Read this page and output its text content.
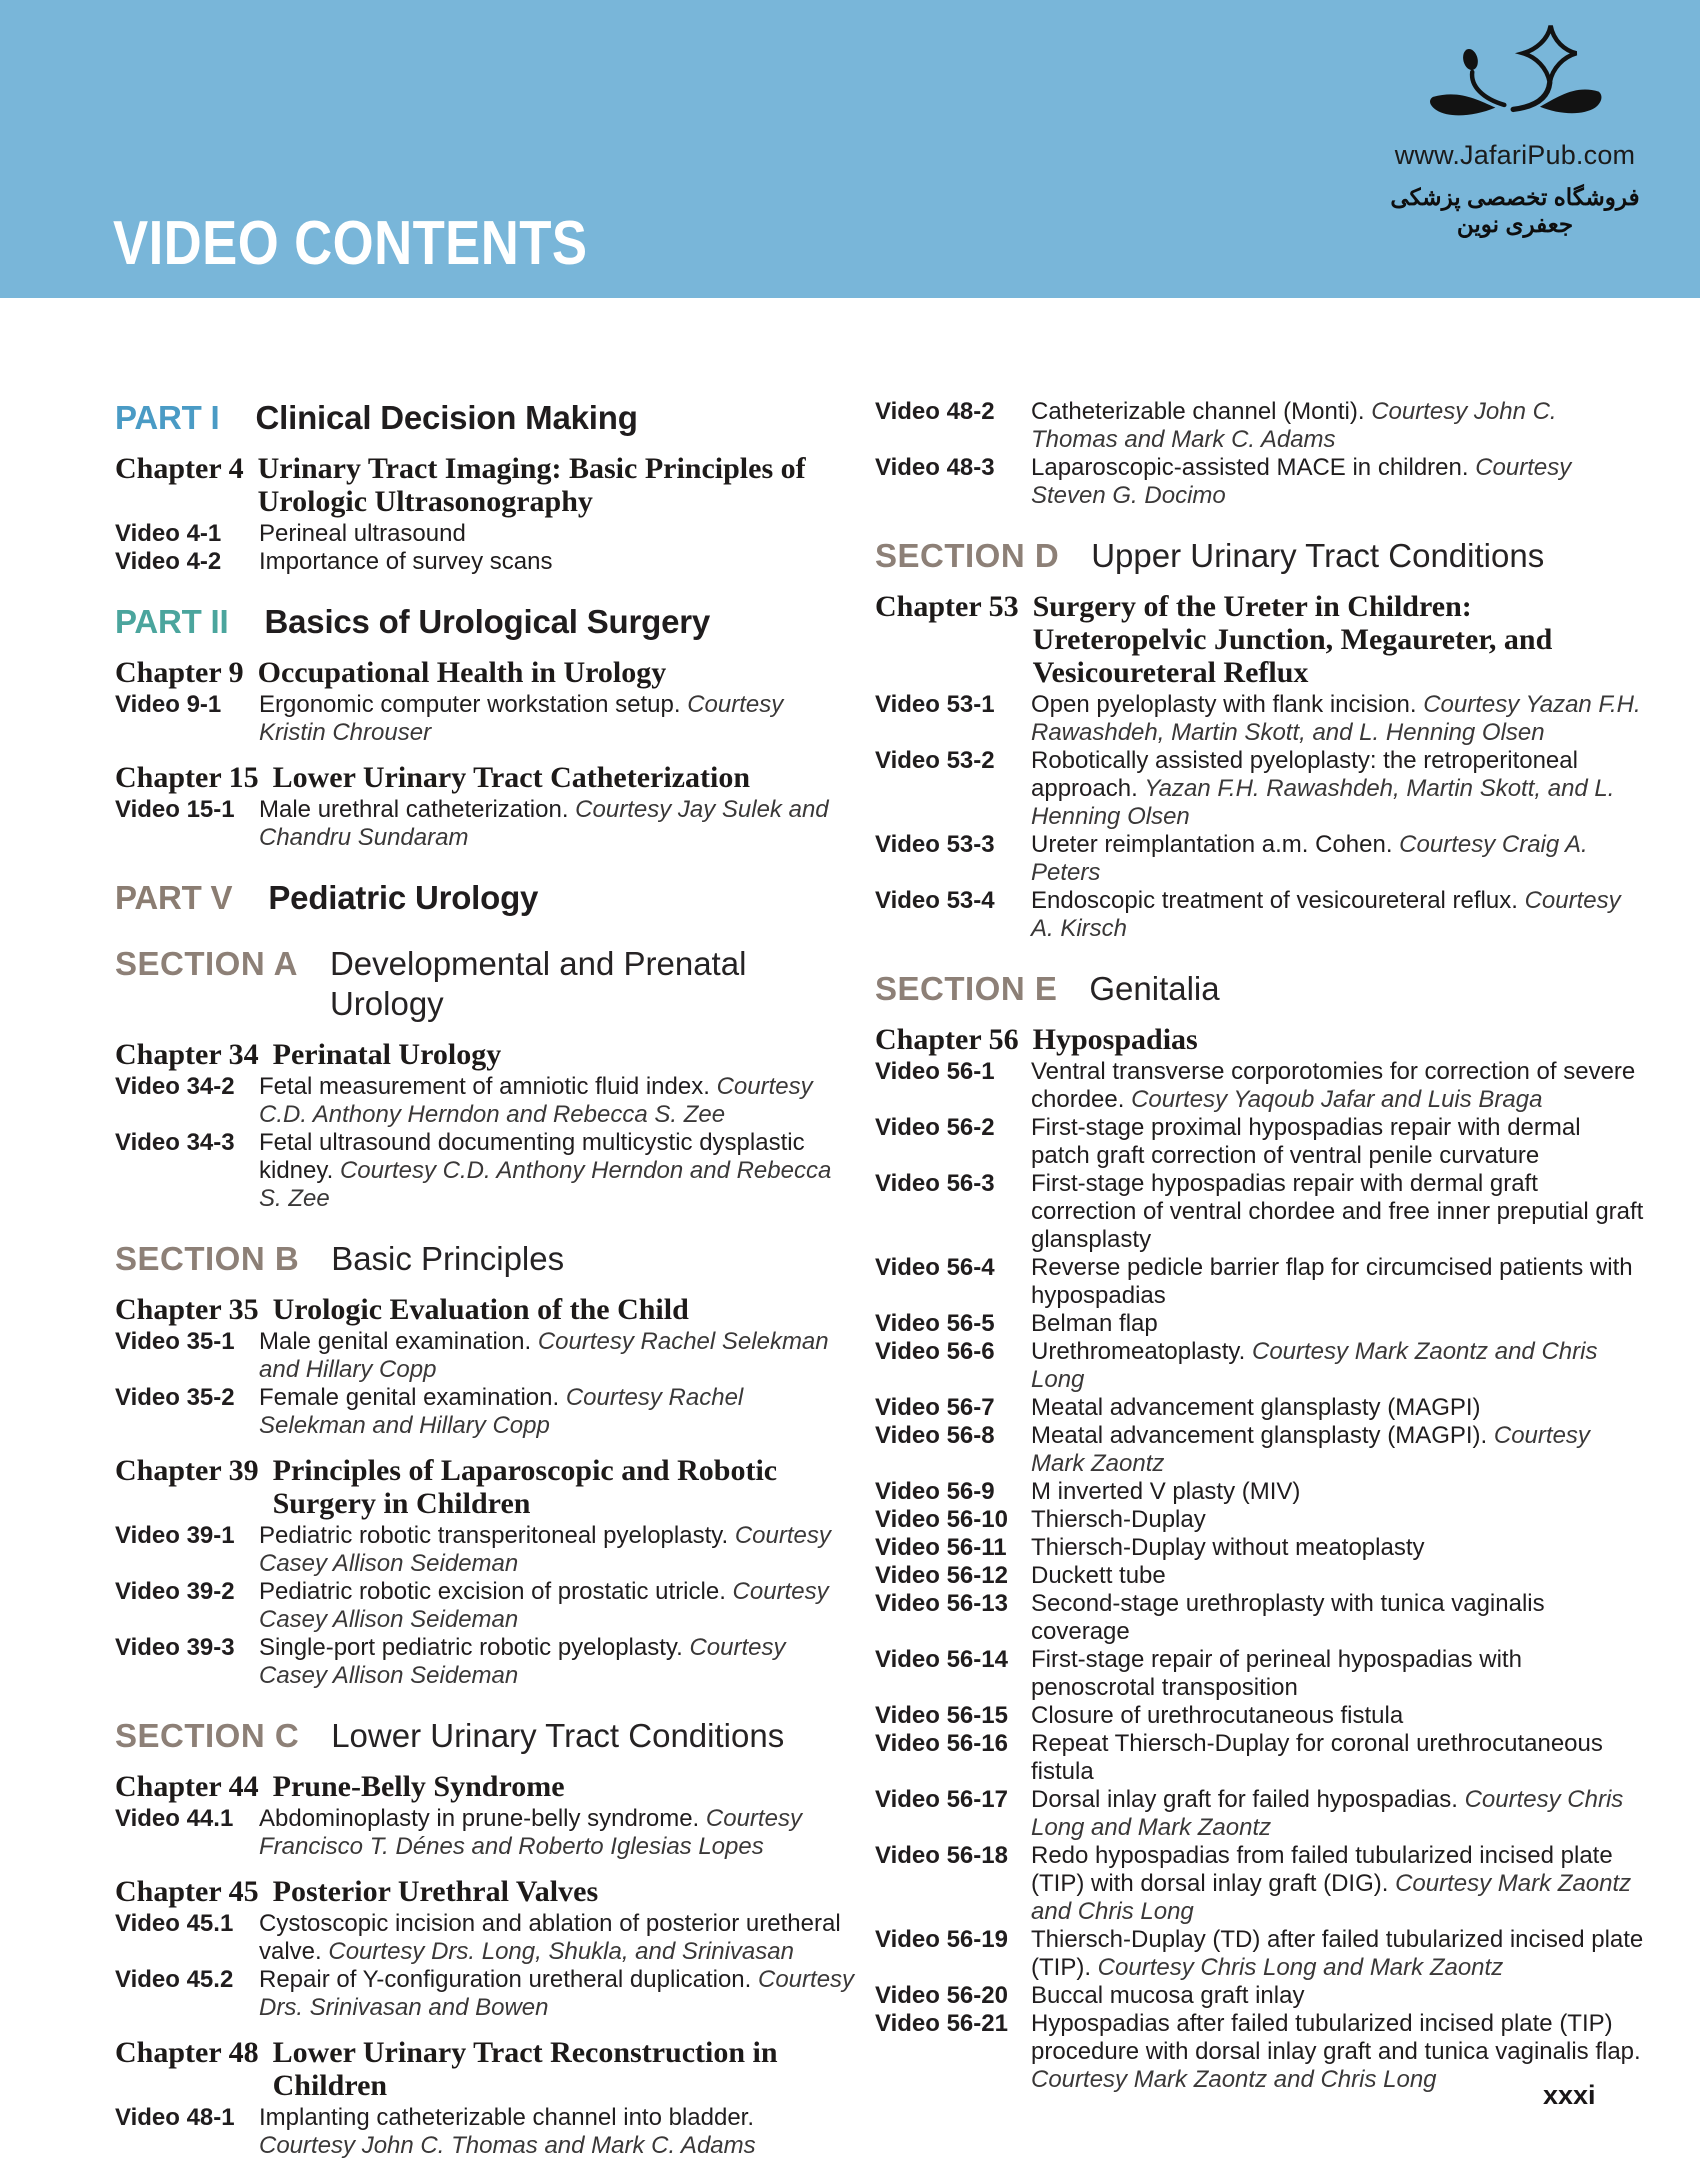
VIDEO CONTENTS
www.JafariPub.com
فروشگاه تخصصی پزشکی جعفری نوین
PART I Clinical Decision Making
Chapter 4 Urinary Tract Imaging: Basic Principles of Urologic Ultrasonography
Video 4-1	Perineal ultrasound
Video 4-2	Importance of survey scans
PART II Basics of Urological Surgery
Chapter 9 Occupational Health in Urology
Video 9-1	Ergonomic computer workstation setup. Courtesy Kristin Chrouser
Chapter 15 Lower Urinary Tract Catheterization
Video 15-1	Male urethral catheterization. Courtesy Jay Sulek and Chandru Sundaram
PART V Pediatric Urology
SECTION A Developmental and Prenatal Urology
Chapter 34 Perinatal Urology
Video 34-2	Fetal measurement of amniotic fluid index. Courtesy C.D. Anthony Herndon and Rebecca S. Zee
Video 34-3	Fetal ultrasound documenting multicystic dysplastic kidney. Courtesy C.D. Anthony Herndon and Rebecca S. Zee
SECTION B Basic Principles
Chapter 35 Urologic Evaluation of the Child
Video 35-1	Male genital examination. Courtesy Rachel Selekman and Hillary Copp
Video 35-2	Female genital examination. Courtesy Rachel Selekman and Hillary Copp
Chapter 39 Principles of Laparoscopic and Robotic Surgery in Children
Video 39-1	Pediatric robotic transperitoneal pyeloplasty. Courtesy Casey Allison Seideman
Video 39-2	Pediatric robotic excision of prostatic utricle. Courtesy Casey Allison Seideman
Video 39-3	Single-port pediatric robotic pyeloplasty. Courtesy Casey Allison Seideman
SECTION C Lower Urinary Tract Conditions
Chapter 44 Prune-Belly Syndrome
Video 44.1	Abdominoplasty in prune-belly syndrome. Courtesy Francisco T. Dénes and Roberto Iglesias Lopes
Chapter 45 Posterior Urethral Valves
Video 45.1	Cystoscopic incision and ablation of posterior uretheral valve. Courtesy Drs. Long, Shukla, and Srinivasan
Video 45.2	Repair of Y-configuration uretheral duplication. Courtesy Drs. Srinivasan and Bowen
Chapter 48 Lower Urinary Tract Reconstruction in Children
Video 48-1	Implanting catheterizable channel into bladder. Courtesy John C. Thomas and Mark C. Adams
Video 48-2	Catheterizable channel (Monti). Courtesy John C. Thomas and Mark C. Adams
Video 48-3	Laparoscopic-assisted MACE in children. Courtesy Steven G. Docimo
SECTION D Upper Urinary Tract Conditions
Chapter 53 Surgery of the Ureter in Children: Ureteropelvic Junction, Megaureter, and Vesicoureteral Reflux
Video 53-1	Open pyeloplasty with flank incision. Courtesy Yazan F.H. Rawashdeh, Martin Skott, and L. Henning Olsen
Video 53-2	Robotically assisted pyeloplasty: the retroperitoneal approach. Yazan F.H. Rawashdeh, Martin Skott, and L. Henning Olsen
Video 53-3	Ureter reimplantation a.m. Cohen. Courtesy Craig A. Peters
Video 53-4	Endoscopic treatment of vesicoureteral reflux. Courtesy A. Kirsch
SECTION E Genitalia
Chapter 56 Hypospadias
Video 56-1	Ventral transverse corporotomies for correction of severe chordee. Courtesy Yaqoub Jafar and Luis Braga
Video 56-2	First-stage proximal hypospadias repair with dermal patch graft correction of ventral penile curvature
Video 56-3	First-stage hypospadias repair with dermal graft correction of ventral chordee and free inner preputial graft glansplasty
Video 56-4	Reverse pedicle barrier flap for circumcised patients with hypospadias
Video 56-5	Belman flap
Video 56-6	Urethromeatoplasty. Courtesy Mark Zaontz and Chris Long
Video 56-7	Meatal advancement glansplasty (MAGPI)
Video 56-8	Meatal advancement glansplasty (MAGPI). Courtesy Mark Zaontz
Video 56-9	M inverted V plasty (MIV)
Video 56-10 Thiersch-Duplay
Video 56-11	Thiersch-Duplay without meatoplasty
Video 56-12 Duckett tube
Video 56-13 Second-stage urethroplasty with tunica vaginalis coverage
Video 56-14 First-stage repair of perineal hypospadias with penoscrotal transposition
Video 56-15 Closure of urethrocutaneous fistula
Video 56-16 Repeat Thiersch-Duplay for coronal urethrocutaneous fistula
Video 56-17 Dorsal inlay graft for failed hypospadias. Courtesy Chris Long and Mark Zaontz
Video 56-18 Redo hypospadias from failed tubularized incised plate (TIP) with dorsal inlay graft (DIG). Courtesy Mark Zaontz and Chris Long
Video 56-19 Thiersch-Duplay (TD) after failed tubularized incised plate (TIP). Courtesy Chris Long and Mark Zaontz
Video 56-20 Buccal mucosa graft inlay
Video 56-21 Hypospadias after failed tubularized incised plate (TIP) procedure with dorsal inlay graft and tunica vaginalis flap. Courtesy Mark Zaontz and Chris Long
xxxi
